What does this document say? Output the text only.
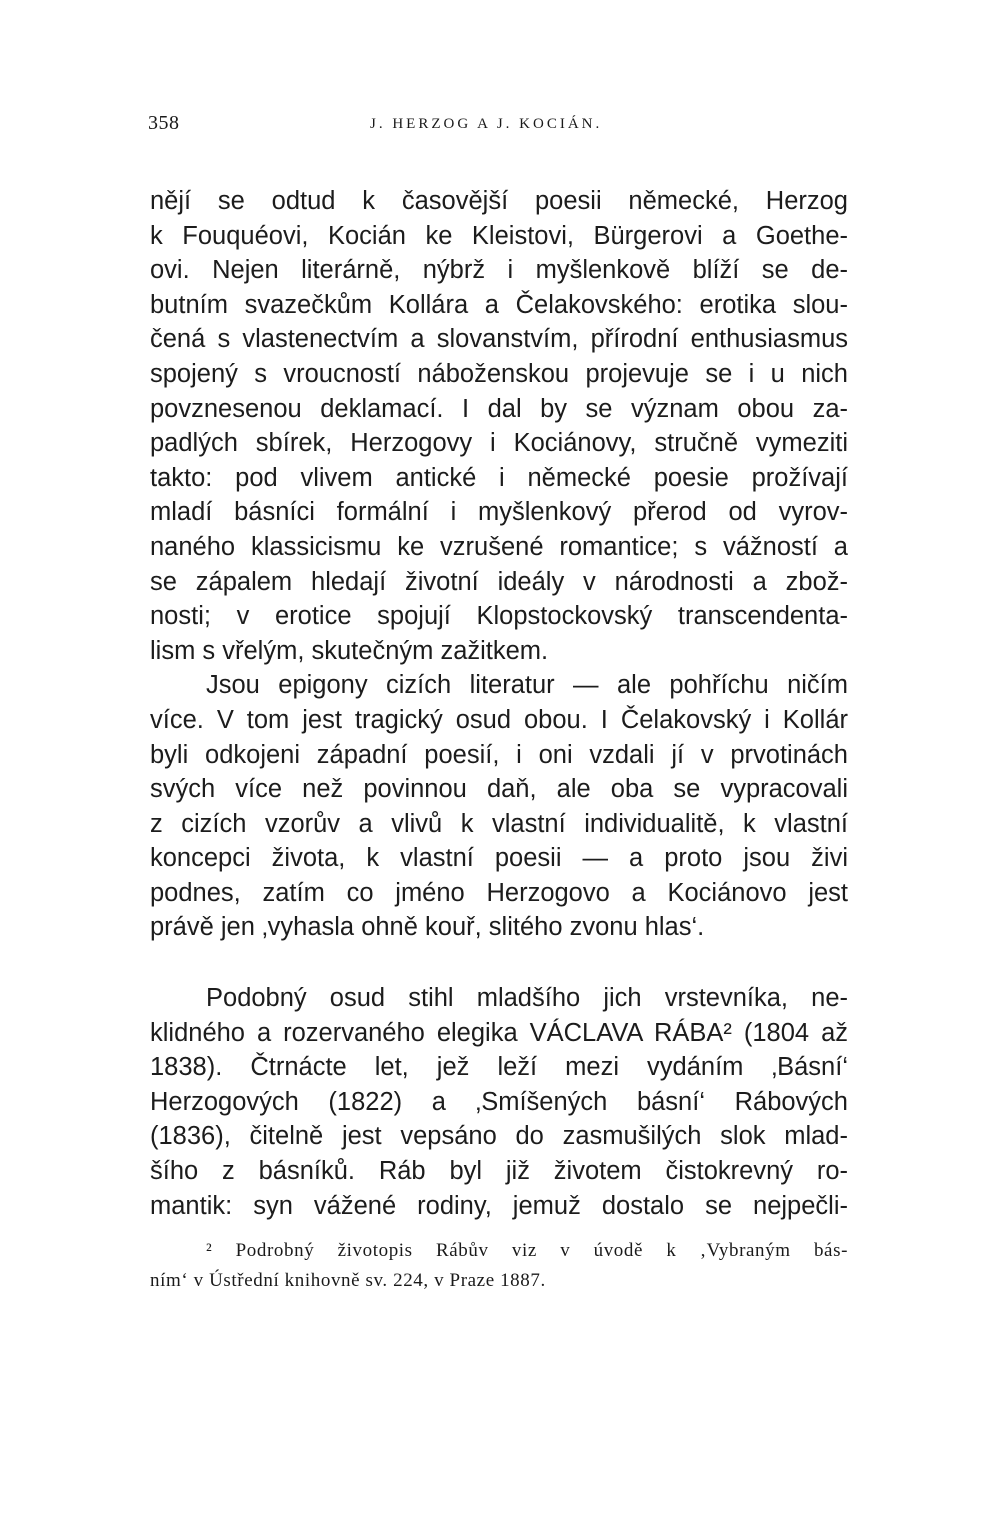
358	J. HERZOG A J. KOCIÁN.
nějí se odtud k časovější poesii německé, Herzog
k Fouquéovi, Kocián ke Kleistovi, Bürgerovi a Goethe-
ovi. Nejen literárně, nýbrž i myšlenkově blíží se de-
butním svazečkům Kollára a Čelakovského: erotika slou-
čená s vlastenectvím a slovanstvím, přírodní enthusiasmus
spojený s vroucností náboženskou projevuje se i u nich
povznesenou deklamací. I dal by se význam obou za-
padlých sbírek, Herzogovy i Kociánovy, stručně vymeziti
takto: pod vlivem antické i německé poesie prožívají
mladí básníci formální i myšlenkový přerod od vyrov-
naného klassicismu ke vzrušené romantice; s vážností a
se zápalem hledají životní ideály v národnosti a zbož-
nosti; v erotice spojují Klopstockovský transcendenta-
lism s vřelým, skutečným zažitkem.
Jsou epigony cizích literatur — ale pohříchu ničím
více. V tom jest tragický osud obou. I Čelakovský i Kollár
byli odkojeni západní poesií, i oni vzdali jí v prvotinách
svých více než povinnou daň, ale oba se vypracovali
z cizích vzorův a vlivů k vlastní individualitě, k vlastní
koncepci života, k vlastní poesii — a proto jsou živi
podnes, zatím co jméno Herzogovo a Kociánovo jest
právě jen ‚vyhasla ohně kouř, slitého zvonu hlas‘.
Podobný osud stihl mladšího jich vrstevníka, ne-
klidného a rozervaného elegika VÁCLAVA RÁBA² (1804 až
1838). Čtrnácte let, jež leží mezi vydáním ‚Básní‘
Herzogových (1822) a ‚Smíšených básní‘ Rábových
(1836), čitelně jest vepsáno do zasmušilých slok mlad-
šího z básníků. Ráb byl již životem čistokrevný ro-
mantik: syn vážené rodiny, jemuž dostalo se nejpečli-
² Podrobný životopis Rábův viz v úvodě k ‚Vybraným bás-
ním‘ v Ústřední knihovně sv. 224, v Praze 1887.
